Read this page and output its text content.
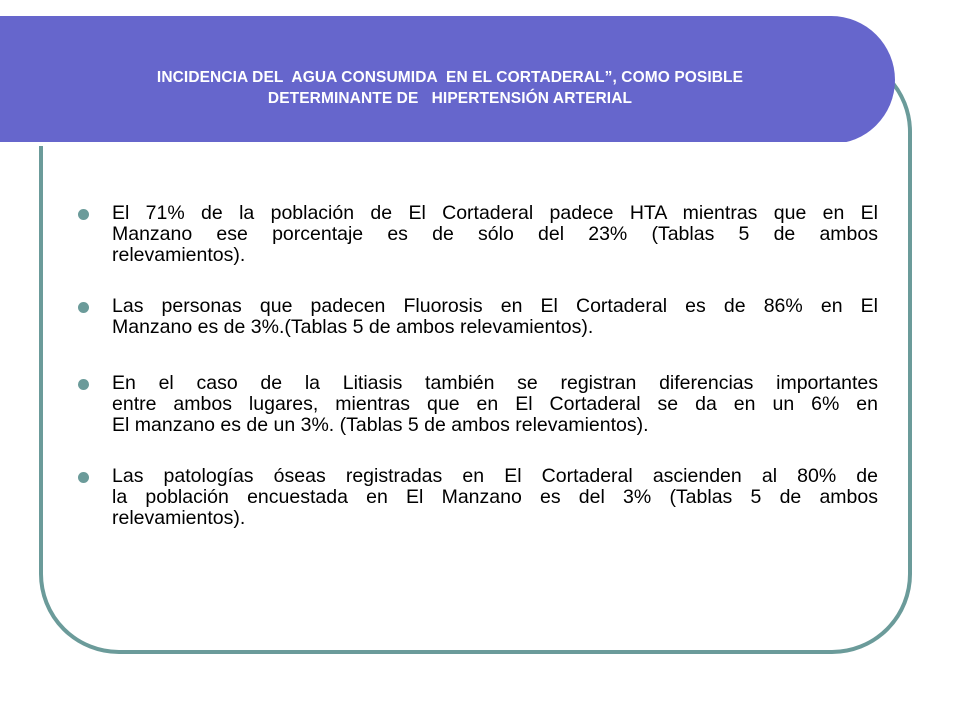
INCIDENCIA DEL  AGUA CONSUMIDA  EN EL CORTADERAL”, COMO POSIBLE
DETERMINANTE DE   HIPERTENSIÓN ARTERIAL
El 71% de la población de El Cortaderal padece HTA mientras que en El
Manzano ese porcentaje es de sólo del 23% (Tablas 5 de ambos
relevamientos).
Las personas que padecen Fluorosis en El Cortaderal es de 86% en El
Manzano es de 3%.(Tablas 5 de ambos relevamientos).
En el caso de la Litiasis también se registran diferencias importantes
entre ambos lugares, mientras que en El Cortaderal se da en un 6% en
El manzano es de un 3%. (Tablas 5 de ambos relevamientos).
Las patologías óseas registradas en El Cortaderal ascienden al 80% de
la población encuestada en El Manzano es del 3% (Tablas 5 de ambos
relevamientos).
